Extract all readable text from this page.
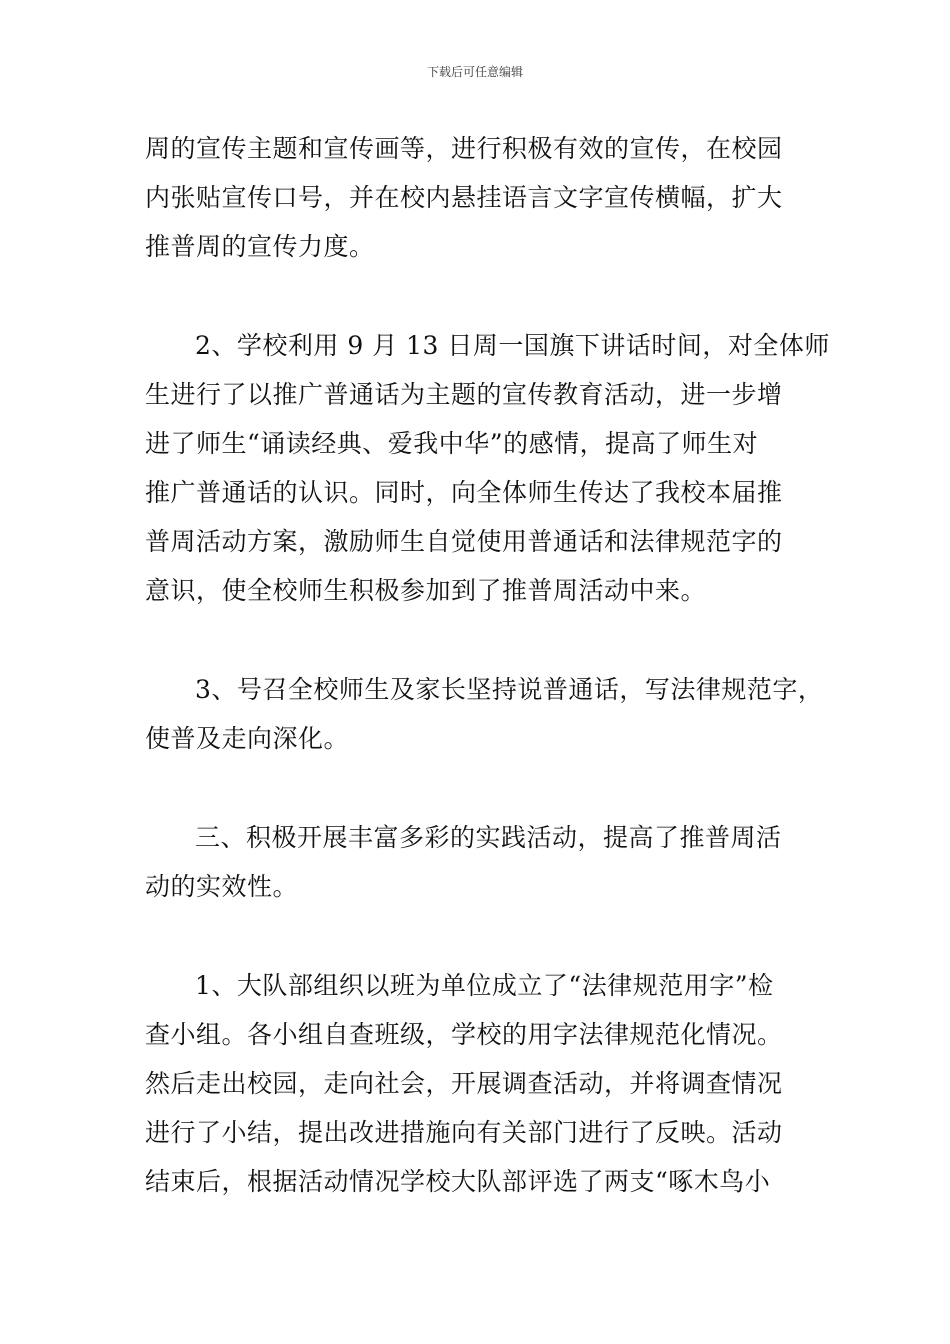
下载后可任意编辑
周的宣传主题和宣传画等，进行积极有效的宣传，在校园
内张贴宣传口号，并在校内悬挂语言文字宣传横幅，扩大
推普周的宣传力度。
2、学校利用 9 月 13 日周一国旗下讲话时间，对全体师
生进行了以推广普通话为主题的宣传教育活动，进一步增
进了师生“诵读经典、爱我中华”的感情，提高了师生对
推广普通话的认识。同时，向全体师生传达了我校本届推
普周活动方案，激励师生自觉使用普通话和法律规范字的
意识，使全校师生积极参加到了推普周活动中来。
3、号召全校师生及家长坚持说普通话，写法律规范字，
使普及走向深化。
三、积极开展丰富多彩的实践活动，提高了推普周活
动的实效性。
1、大队部组织以班为单位成立了“法律规范用字”检
查小组。各小组自查班级，学校的用字法律规范化情况。
然后走出校园，走向社会，开展调查活动，并将调查情况
进行了小结，提出改进措施向有关部门进行了反映。活动
结束后，根据活动情况学校大队部评选了两支“啄木鸟小
